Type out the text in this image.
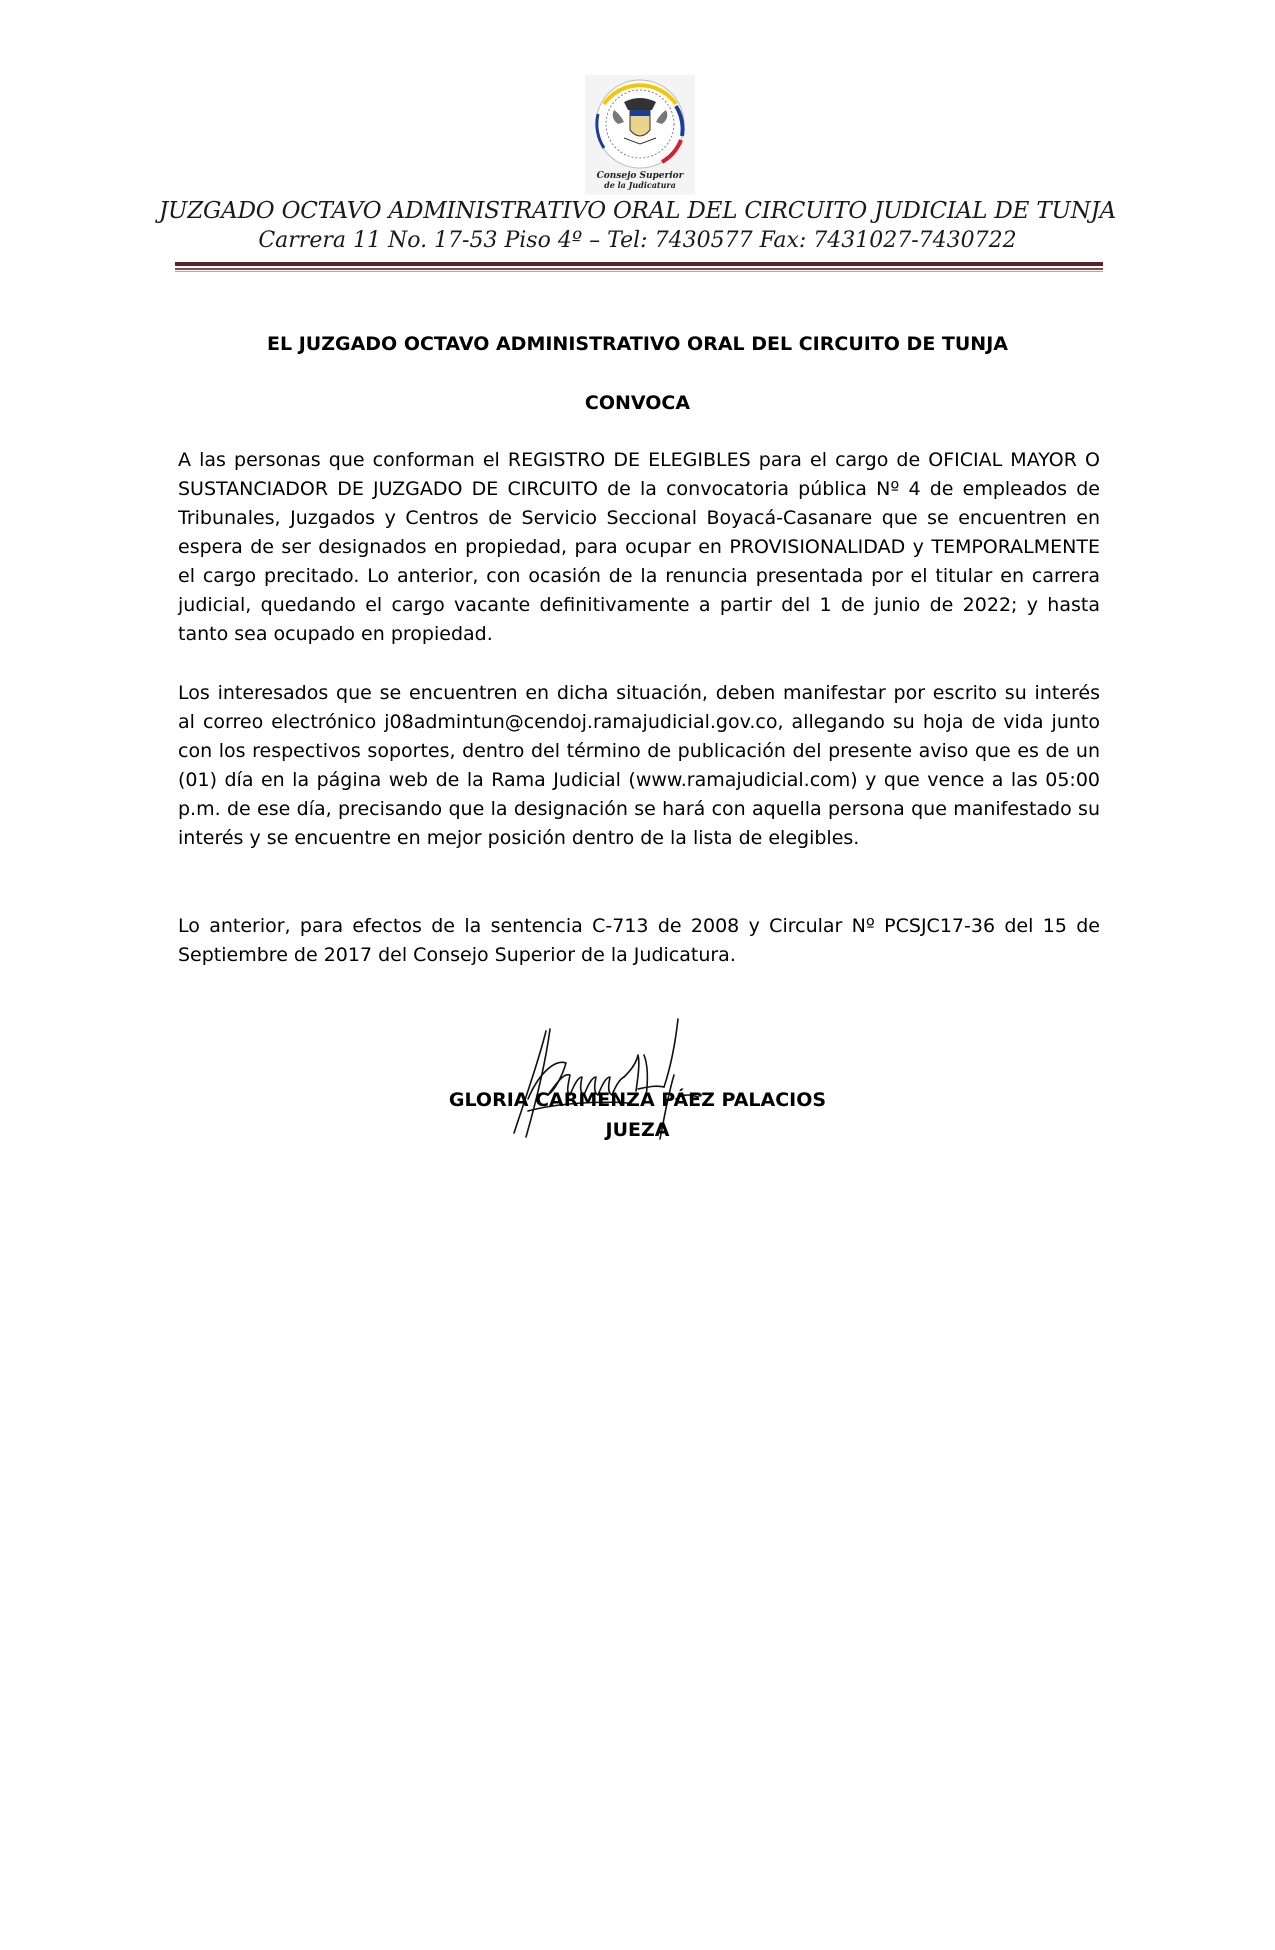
Consejo Superior
de la Judicatura
JUZGADO OCTAVO ADMINISTRATIVO ORAL DEL CIRCUITO JUDICIAL DE TUNJA
Carrera 11 No. 17-53 Piso 4º – Tel: 7430577 Fax: 7431027-7430722
EL JUZGADO OCTAVO ADMINISTRATIVO ORAL DEL CIRCUITO DE TUNJA
CONVOCA

A las personas que conforman el REGISTRO DE ELEGIBLES para el cargo de OFICIAL MAYOR O SUSTANCIADOR DE JUZGADO DE CIRCUITO de la convocatoria pública Nº 4 de empleados de Tribunales, Juzgados y Centros de Servicio Seccional Boyacá-Casanare que se encuentren en espera de ser designados en propiedad, para ocupar en PROVISIONALIDAD y TEMPORALMENTE el cargo precitado. Lo anterior, con ocasión de la renuncia presentada por el titular en carrera judicial, quedando el cargo vacante definitivamente a partir del 1 de junio de 2022; y hasta tanto sea ocupado en propiedad.

Los interesados que se encuentren en dicha situación, deben manifestar por escrito su interés al correo electrónico j08admintun@cendoj.ramajudicial.gov.co, allegando su hoja de vida junto con los respectivos soportes, dentro del término de publicación del presente aviso que es de un (01) día en la página web de la Rama Judicial (www.ramajudicial.com) y que vence a las 05:00 p.m. de ese día, precisando que la designación se hará con aquella persona que manifestado su interés y se encuentre en mejor posición dentro de la lista de elegibles.

Lo anterior, para efectos de la sentencia C-713 de 2008 y Circular Nº PCSJC17-36 del 15 de Septiembre de 2017 del Consejo Superior de la Judicatura.

GLORIA CARMENZA PÁEZ PALACIOS
JUEZA
